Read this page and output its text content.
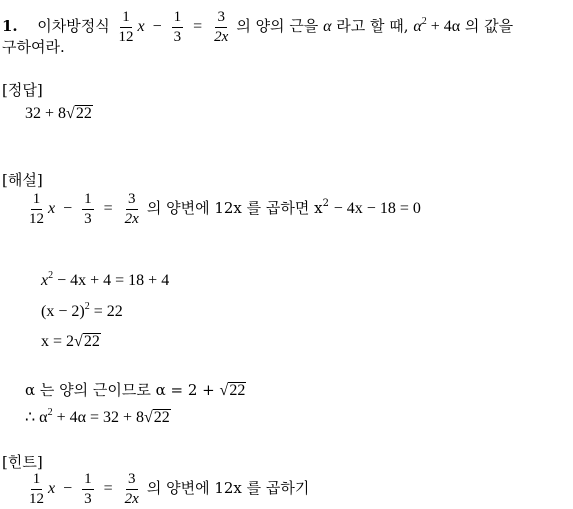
1. 이차방정식 $\frac{1}{12}$ $x - \frac{1}{3} = \frac{3}{2x}$ 의 양의 근을 α 라고 할 때, $\alpha^2 + 4\alpha$ 의 값을
구하여라.
[정답]
32 + 8√22
[해설]
$\frac{1}{12}$ $x - \frac{1}{3} = \frac{3}{2x}$ 의 양변에 12x 를 곱하면 $x^2 - 4x - 18 = 0$
$x^2 - 4x + 4 = 18 + 4$
$(x - 2)^2 = 22$
x = 2√22
α 는 양의 근이므로 α = 2 + √22
∴ $\alpha^2 + 4\alpha = 32 + 8√22$
[힌트]
$\frac{1}{12}$ $x - \frac{1}{3} = \frac{3}{2x}$ 의 양변에 12x 를 곱하기
